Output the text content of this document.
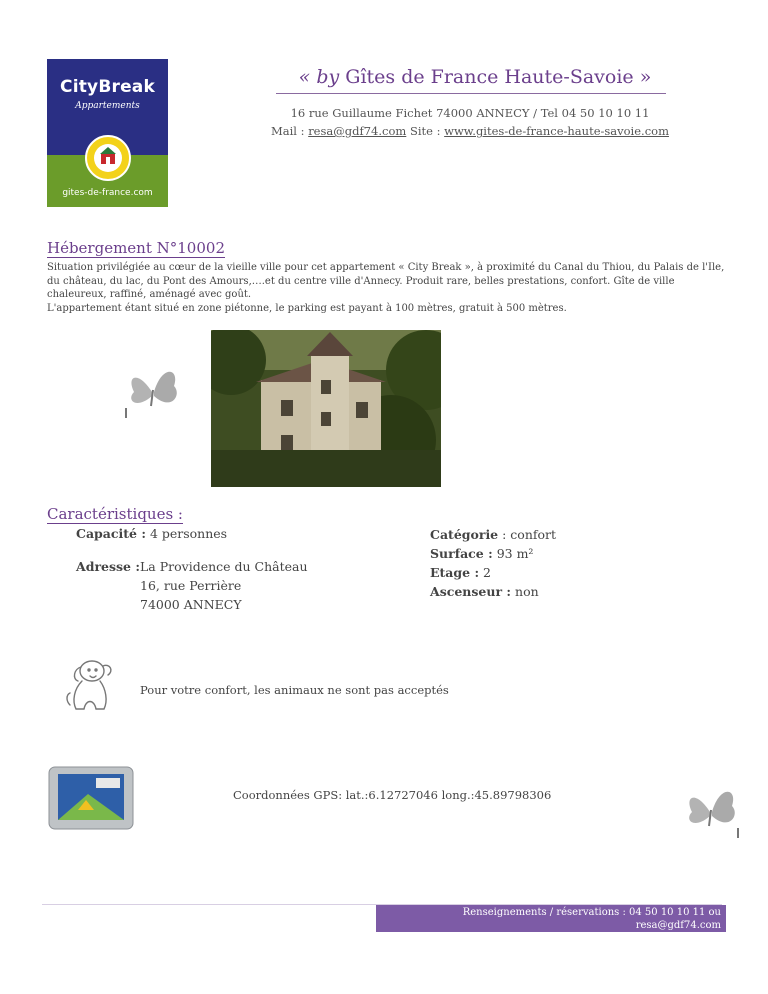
CityBreak
Appartements
gites-de-france.com
« by Gîtes de France Haute-Savoie »
16 rue Guillaume Fichet 74000 ANNECY / Tel 04 50 10 10 11
Mail : resa@gdf74.com Site : www.gites-de-france-haute-savoie.com
Hébergement N°10002
Situation privilégiée au cœur de la vieille ville pour cet appartement « City Break », à proximité du Canal du Thiou, du Palais de l'Ile, du château, du lac, du Pont des Amours,….et du centre ville d'Annecy. Produit rare, belles prestations, confort. Gîte de ville chaleureux, raffiné, aménagé avec goût.
L'appartement étant situé en zone piétonne, le parking est payant à 100 mètres, gratuit à 500 mètres.
Caractéristiques :
Capacité : 4 personnes
Adresse : La Providence du Château
16, rue Perrière
74000 ANNECY
Catégorie : confort
Surface : 93 m²
Etage : 2
Ascenseur : non
Pour votre confort, les animaux ne sont pas acceptés
Coordonnées GPS: lat.:6.12727046 long.:45.89798306
Renseignements / réservations : 04 50 10 10 11 ou
resa@gdf74.com
